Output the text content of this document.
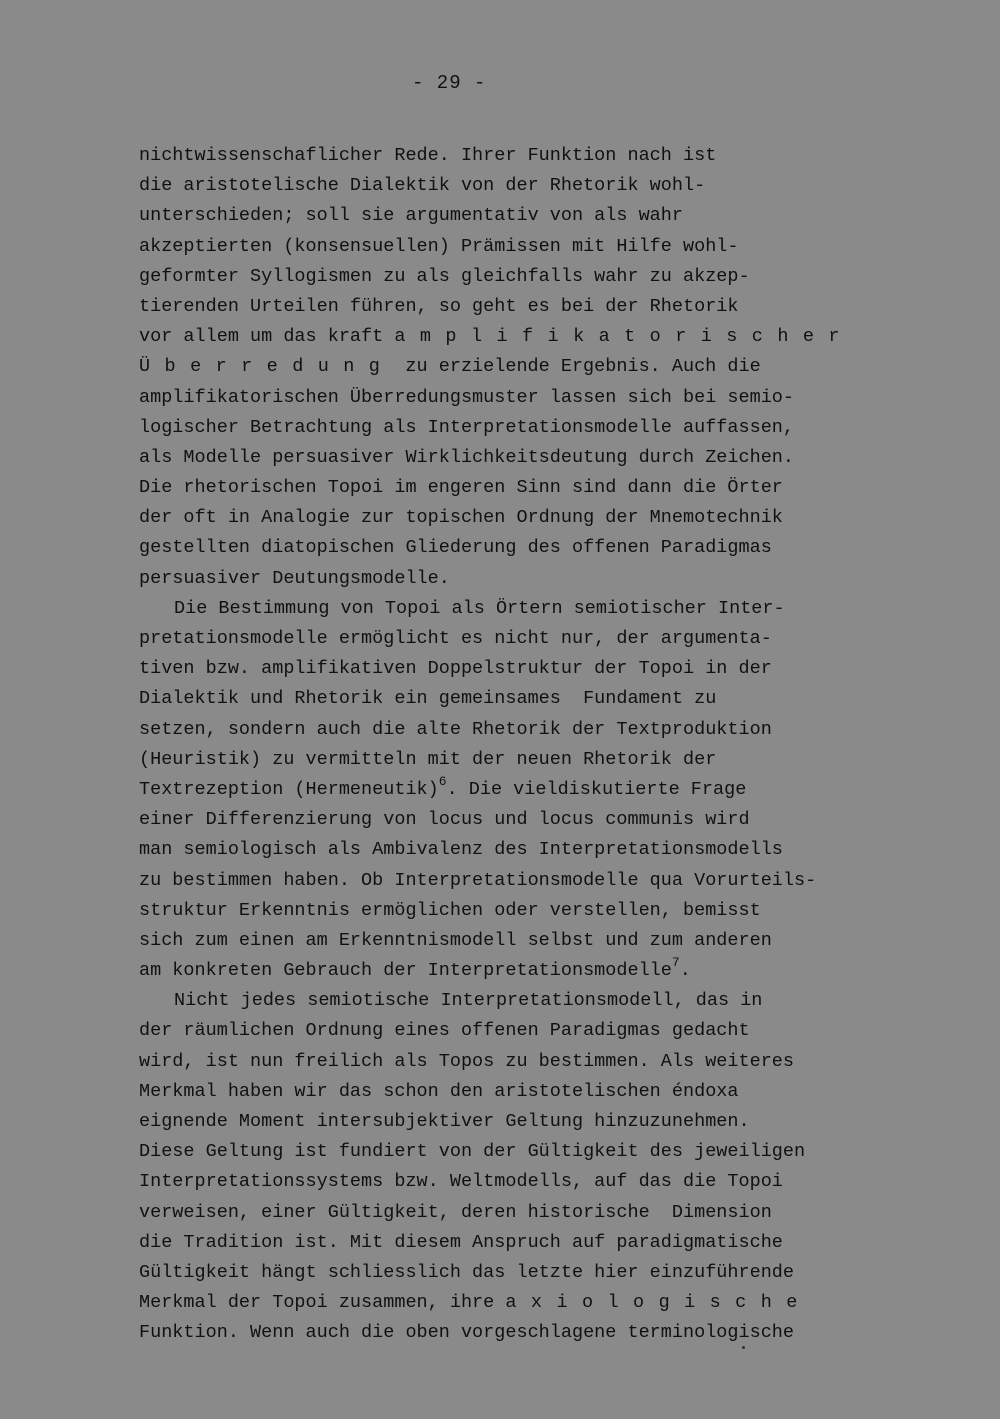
- 29 -
nichtwissenschaflicher Rede. Ihrer Funktion nach ist
die aristotelische Dialektik von der Rhetorik wohl-
unterschieden; soll sie argumentativ von als wahr
akzeptierten (konsensuellen) Prämissen mit Hilfe wohl-
geformter Syllogismen zu als gleichfalls wahr zu akzep-
tierenden Urteilen führen, so geht es bei der Rhetorik
vor allem um das kraft amplifikatorischer
Überredung zu erzielende Ergebnis. Auch die
amplifikatorischen Überredungsmuster lassen sich bei semio-
logischer Betrachtung als Interpretationsmodelle auffassen,
als Modelle persuasiver Wirklichkeitsdeutung durch Zeichen.
Die rhetorischen Topoi im engeren Sinn sind dann die Örter
der oft in Analogie zur topischen Ordnung der Mnemotechnik
gestellten diatopischen Gliederung des offenen Paradigmas
persuasiver Deutungsmodelle.
Die Bestimmung von Topoi als Örtern semiotischer Inter-
pretationsmodelle ermöglicht es nicht nur, der argumenta-
tiven bzw. amplifikativen Doppelstruktur der Topoi in der
Dialektik und Rhetorik ein gemeinsames  Fundament zu
setzen, sondern auch die alte Rhetorik der Textproduktion
(Heuristik) zu vermitteln mit der neuen Rhetorik der
Textrezeption (Hermeneutik)$^6$. Die vieldiskutierte Frage
einer Differenzierung von locus und locus communis wird
man semiologisch als Ambivalenz des Interpretationsmodells
zu bestimmen haben. Ob Interpretationsmodelle qua Vorurteils-
struktur Erkenntnis ermöglichen oder verstellen, bemisst
sich zum einen am Erkenntnismodell selbst und zum anderen
am konkreten Gebrauch der Interpretationsmodelle$^7$.
Nicht jedes semiotische Interpretationsmodell, das in
der räumlichen Ordnung eines offenen Paradigmas gedacht
wird, ist nun freilich als Topos zu bestimmen. Als weiteres
Merkmal haben wir das schon den aristotelischen éndoxa
eignende Moment intersubjektiver Geltung hinzuzunehmen.
Diese Geltung ist fundiert von der Gültigkeit des jeweiligen
Interpretationssystems bzw. Weltmodells, auf das die Topoi
verweisen, einer Gültigkeit, deren historische  Dimension
die Tradition ist. Mit diesem Anspruch auf paradigmatische
Gültigkeit hängt schliesslich das letzte hier einzuführende
Merkmal der Topoi zusammen, ihre axiologische
Funktion. Wenn auch die oben vorgeschlagene terminologische
